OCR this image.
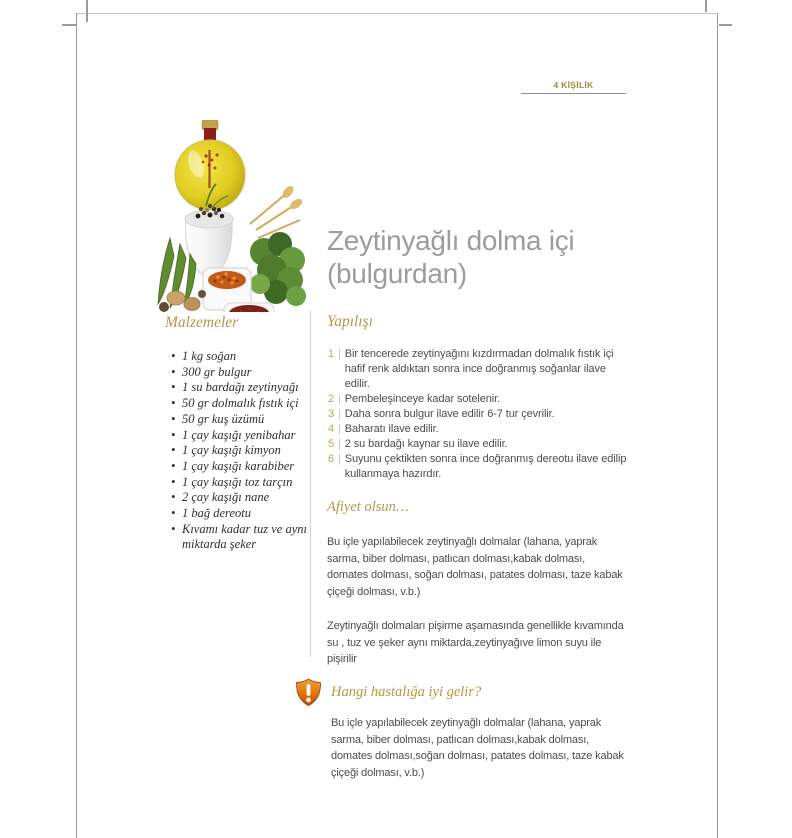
4 KİŞİLİK
Zeytinyağlı dolma içi
(bulgurdan)
Malzemeler
• 1 kg soğan
• 300 gr bulgur
• 1 su bardağı zeytinyağı
• 50 gr dolmalık fıstık içi
• 50 gr kuş üzümü
• 1 çay kaşığı yenibahar
• 1 çay kaşığı kimyon
• 1 çay kaşığı karabiber
• 1 çay kaşığı toz tarçın
• 2 çay kaşığı nane
• 1 bağ dereotu
• Kıvamı kadar tuz ve aynı miktarda şeker
Yapılışı
1 | Bir tencerede zeytinyağını kızdırmadan dolmalık fıstık içi hafif renk aldıktan sonra ince doğranmış soğanlar ilave edilir.
2 | Pembeleşinceye kadar sotelenir.
3 | Daha sonra bulgur ilave edilir 6-7 tur çevrilir.
4 | Baharatı ilave edilir.
5 | 2 su bardağı kaynar su ilave edilir.
6 | Suyunu çektikten sonra ince doğranmış dereotu ilave edilip kullanmaya hazırdır.
Afiyet olsun…
Bu içle yapılabilecek zeytinyağlı dolmalar (lahana, yaprak sarma, biber dolması, patlıcan dolması,kabak dolması, domates dolması, soğan dolması, patates dolması, taze kabak çiçeği dolması, v.b.)
Zeytinyağlı dolmaları pişirme aşamasında genellikle kıvamında su , tuz ve şeker aynı miktarda,zeytinyağıve limon suyu ile pişirilir
Hangi hastalığa iyi gelir?
Bu içle yapılabilecek zeytinyağlı dolmalar (lahana, yaprak sarma, biber dolması, patlıcan dolması,kabak dolması, domates dolması,soğan dolması, patates dolması, taze kabak çiçeği dolması, v.b.)
